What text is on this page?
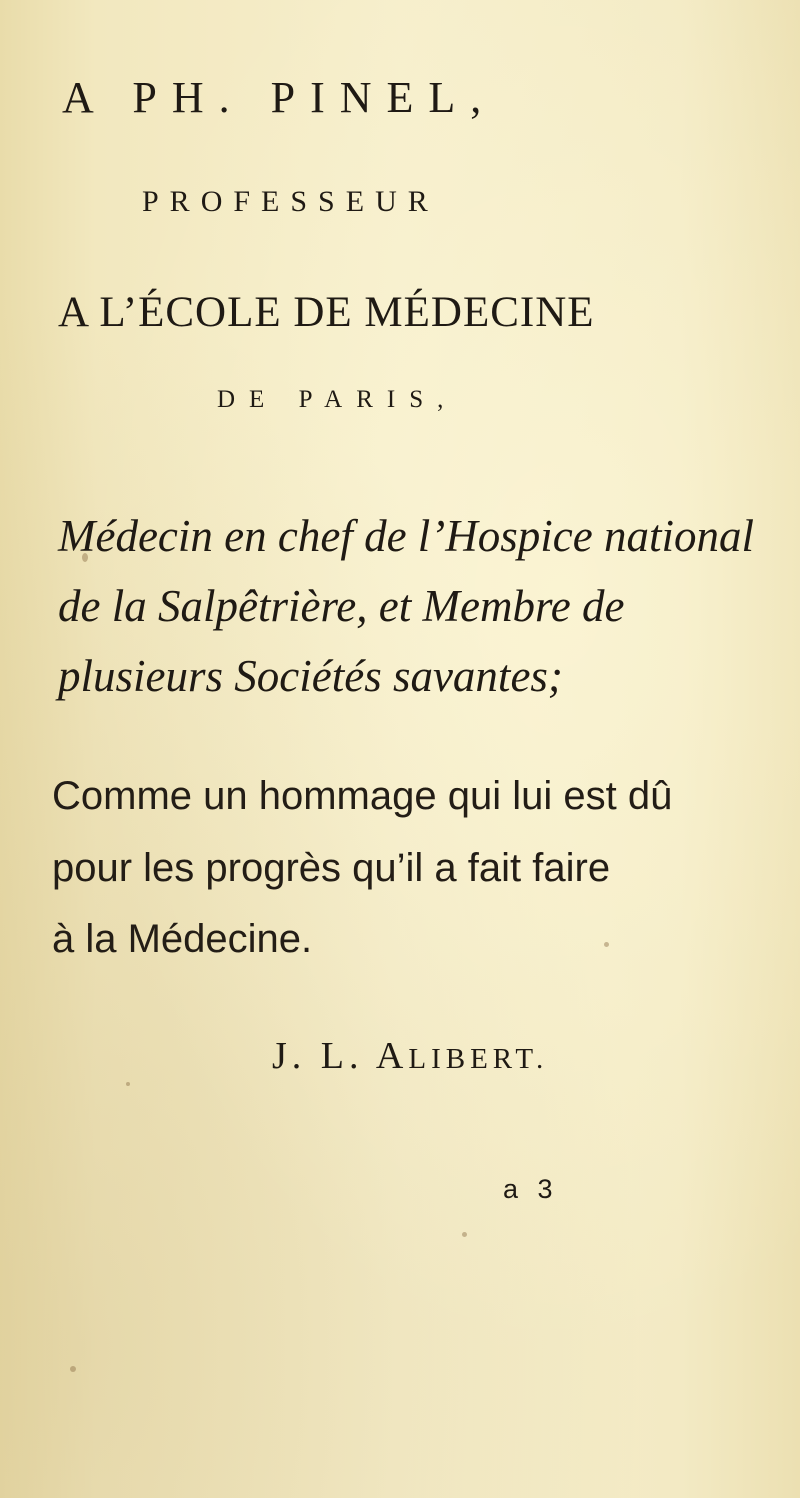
A PH. PINEL,
PROFESSEUR
A L’ÉCOLE DE MÉDECINE
DE PARIS,
Médecin en chef de l’Hospice national
de la Salpêtrière, et Membre de
plusieurs Sociétés savantes;
Comme un hommage qui lui est dû
pour les progrès qu’il a fait faire
à la Médecine.
J. L. ALIBERT.
a 3
